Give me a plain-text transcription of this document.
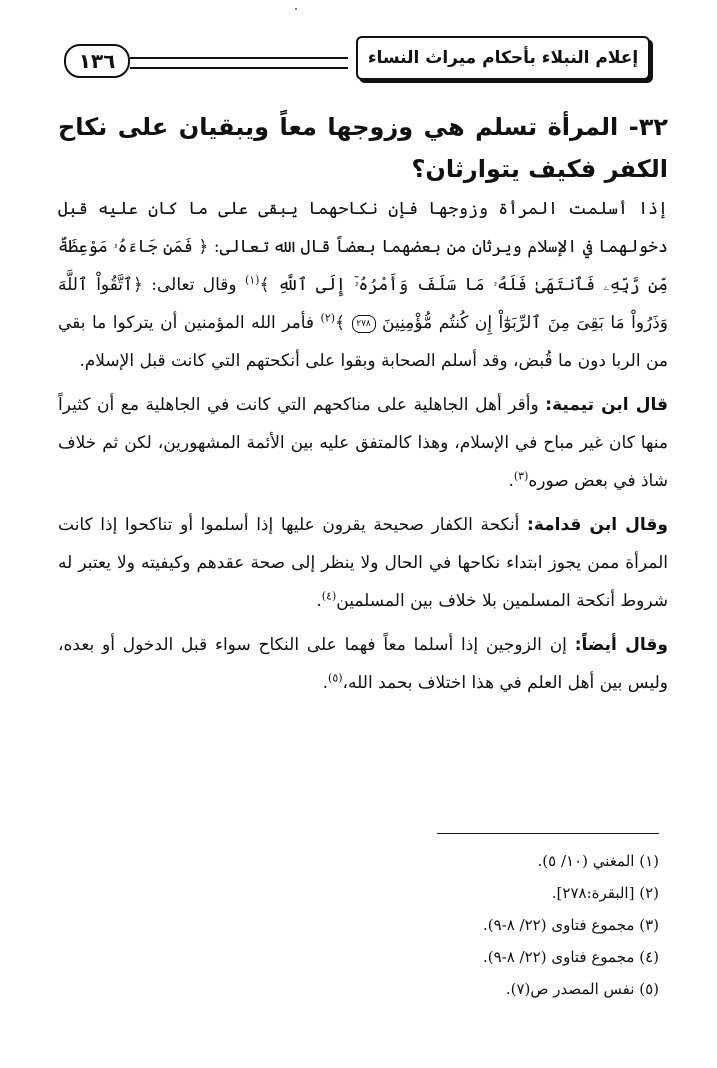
١٣٦	إعلام النبلاء بأحكام ميراث النساء
٣٢- المرأة تسلم هي وزوجها معاً ويبقيان على نكاح الكفر فكيف يتوارثان؟

إذا أسلمت المرأة وزوجها فإن نكاحهما يبقى على ما كان عليه قبل دخولهما في الإسلام ويرثان من بعضهما بعضاً قال الله تعالى: ﴿ فَمَن جَاءَهُۥ مَوْعِظَةٌ مِّن رَّبِّهِۦ فَٱنتَهَىٰ فَلَهُۥ مَا سَلَفَ وَأَمْرُهُۥٓ إِلَى ٱللَّهِ ﴾$^{(١)}$ وقال تعالى: ﴿ٱتَّقُواْ ٱللَّهَ وَذَرُواْ مَا بَقِىَ مِنَ ٱلرِّبَوٰٓاْ إِن كُنتُم مُّؤْمِنِينَ ٢٧٨ ﴾$^{(٢)}$ فأمر الله المؤمنين أن يتركوا ما بقي من الربا دون ما قُبض، وقد أسلم الصحابة وبقوا على أنكحتهم التي كانت قبل الإسلام.

قال ابن تيمية: وأقر أهل الجاهلية على مناكحهم التي كانت في الجاهلية مع أن كثيراً منها كان غير مباح في الإسلام، وهذا كالمتفق عليه بين الأئمة المشهورين، لكن ثم خلاف شاذ في بعض صوره$^{(٣)}$.

وقال ابن قدامة: أنكحة الكفار صحيحة يقرون عليها إذا أسلموا أو تناكحوا إذا كانت المرأة ممن يجوز ابتداء نكاحها في الحال ولا ينظر إلى صحة عقدهم وكيفيته ولا يعتبر له شروط أنكحة المسلمين بلا خلاف بين المسلمين$^{(٤)}$.

وقال أيضاً: إن الزوجين إذا أسلما معاً فهما على النكاح سواء قبل الدخول أو بعده، وليس بين أهل العلم في هذا اختلاف بحمد الله،$^{(٥)}$.

(١) المغني (١٠/ ٥).
(٢) [البقرة:٢٧٨].
(٣) مجموع فتاوى (٢٢/ ٨-٩).
(٤) مجموع فتاوى (٢٢/ ٨-٩).
(٥) نفس المصدر ص(٧).
